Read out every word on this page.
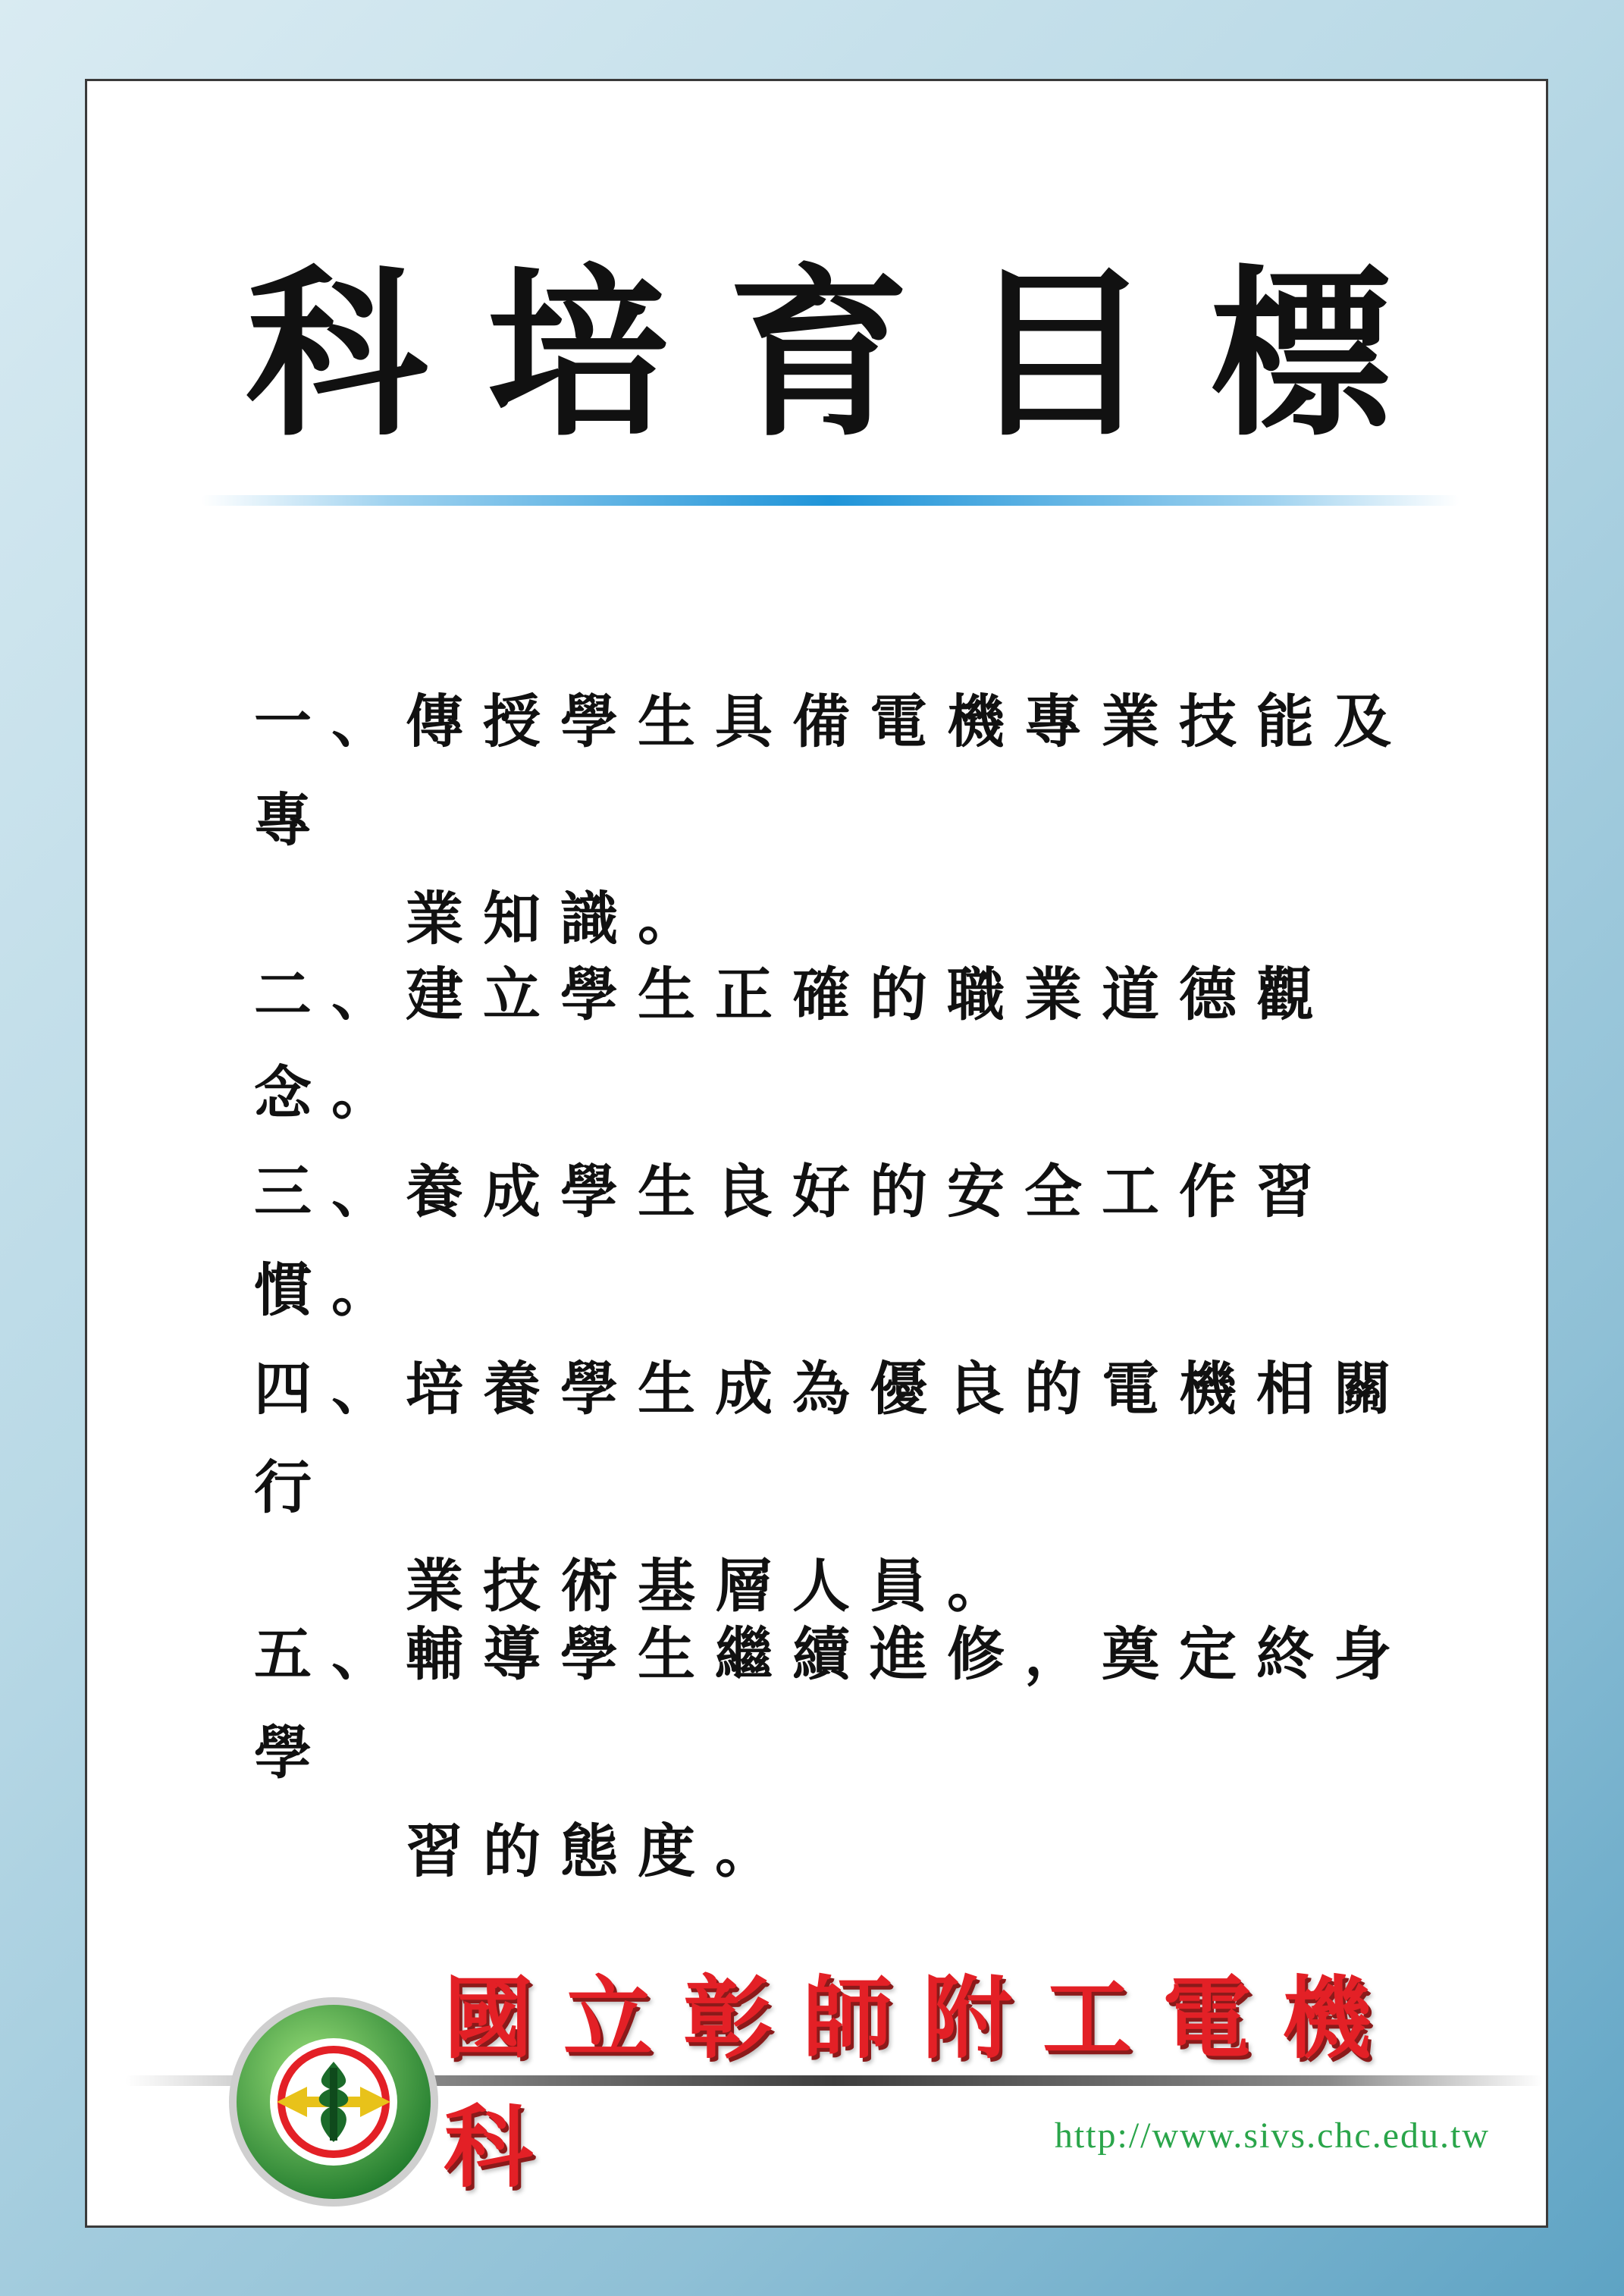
科培育目標
一、傳授學生具備電機專業技能及專
業知識。
二、建立學生正確的職業道德觀念。
三、養成學生良好的安全工作習慣。
四、培養學生成為優良的電機相關行
業技術基層人員。
五、輔導學生繼續進修，奠定終身學
習的態度。
國立彰師附工電機科	http://www.sivs.chc.edu.tw
